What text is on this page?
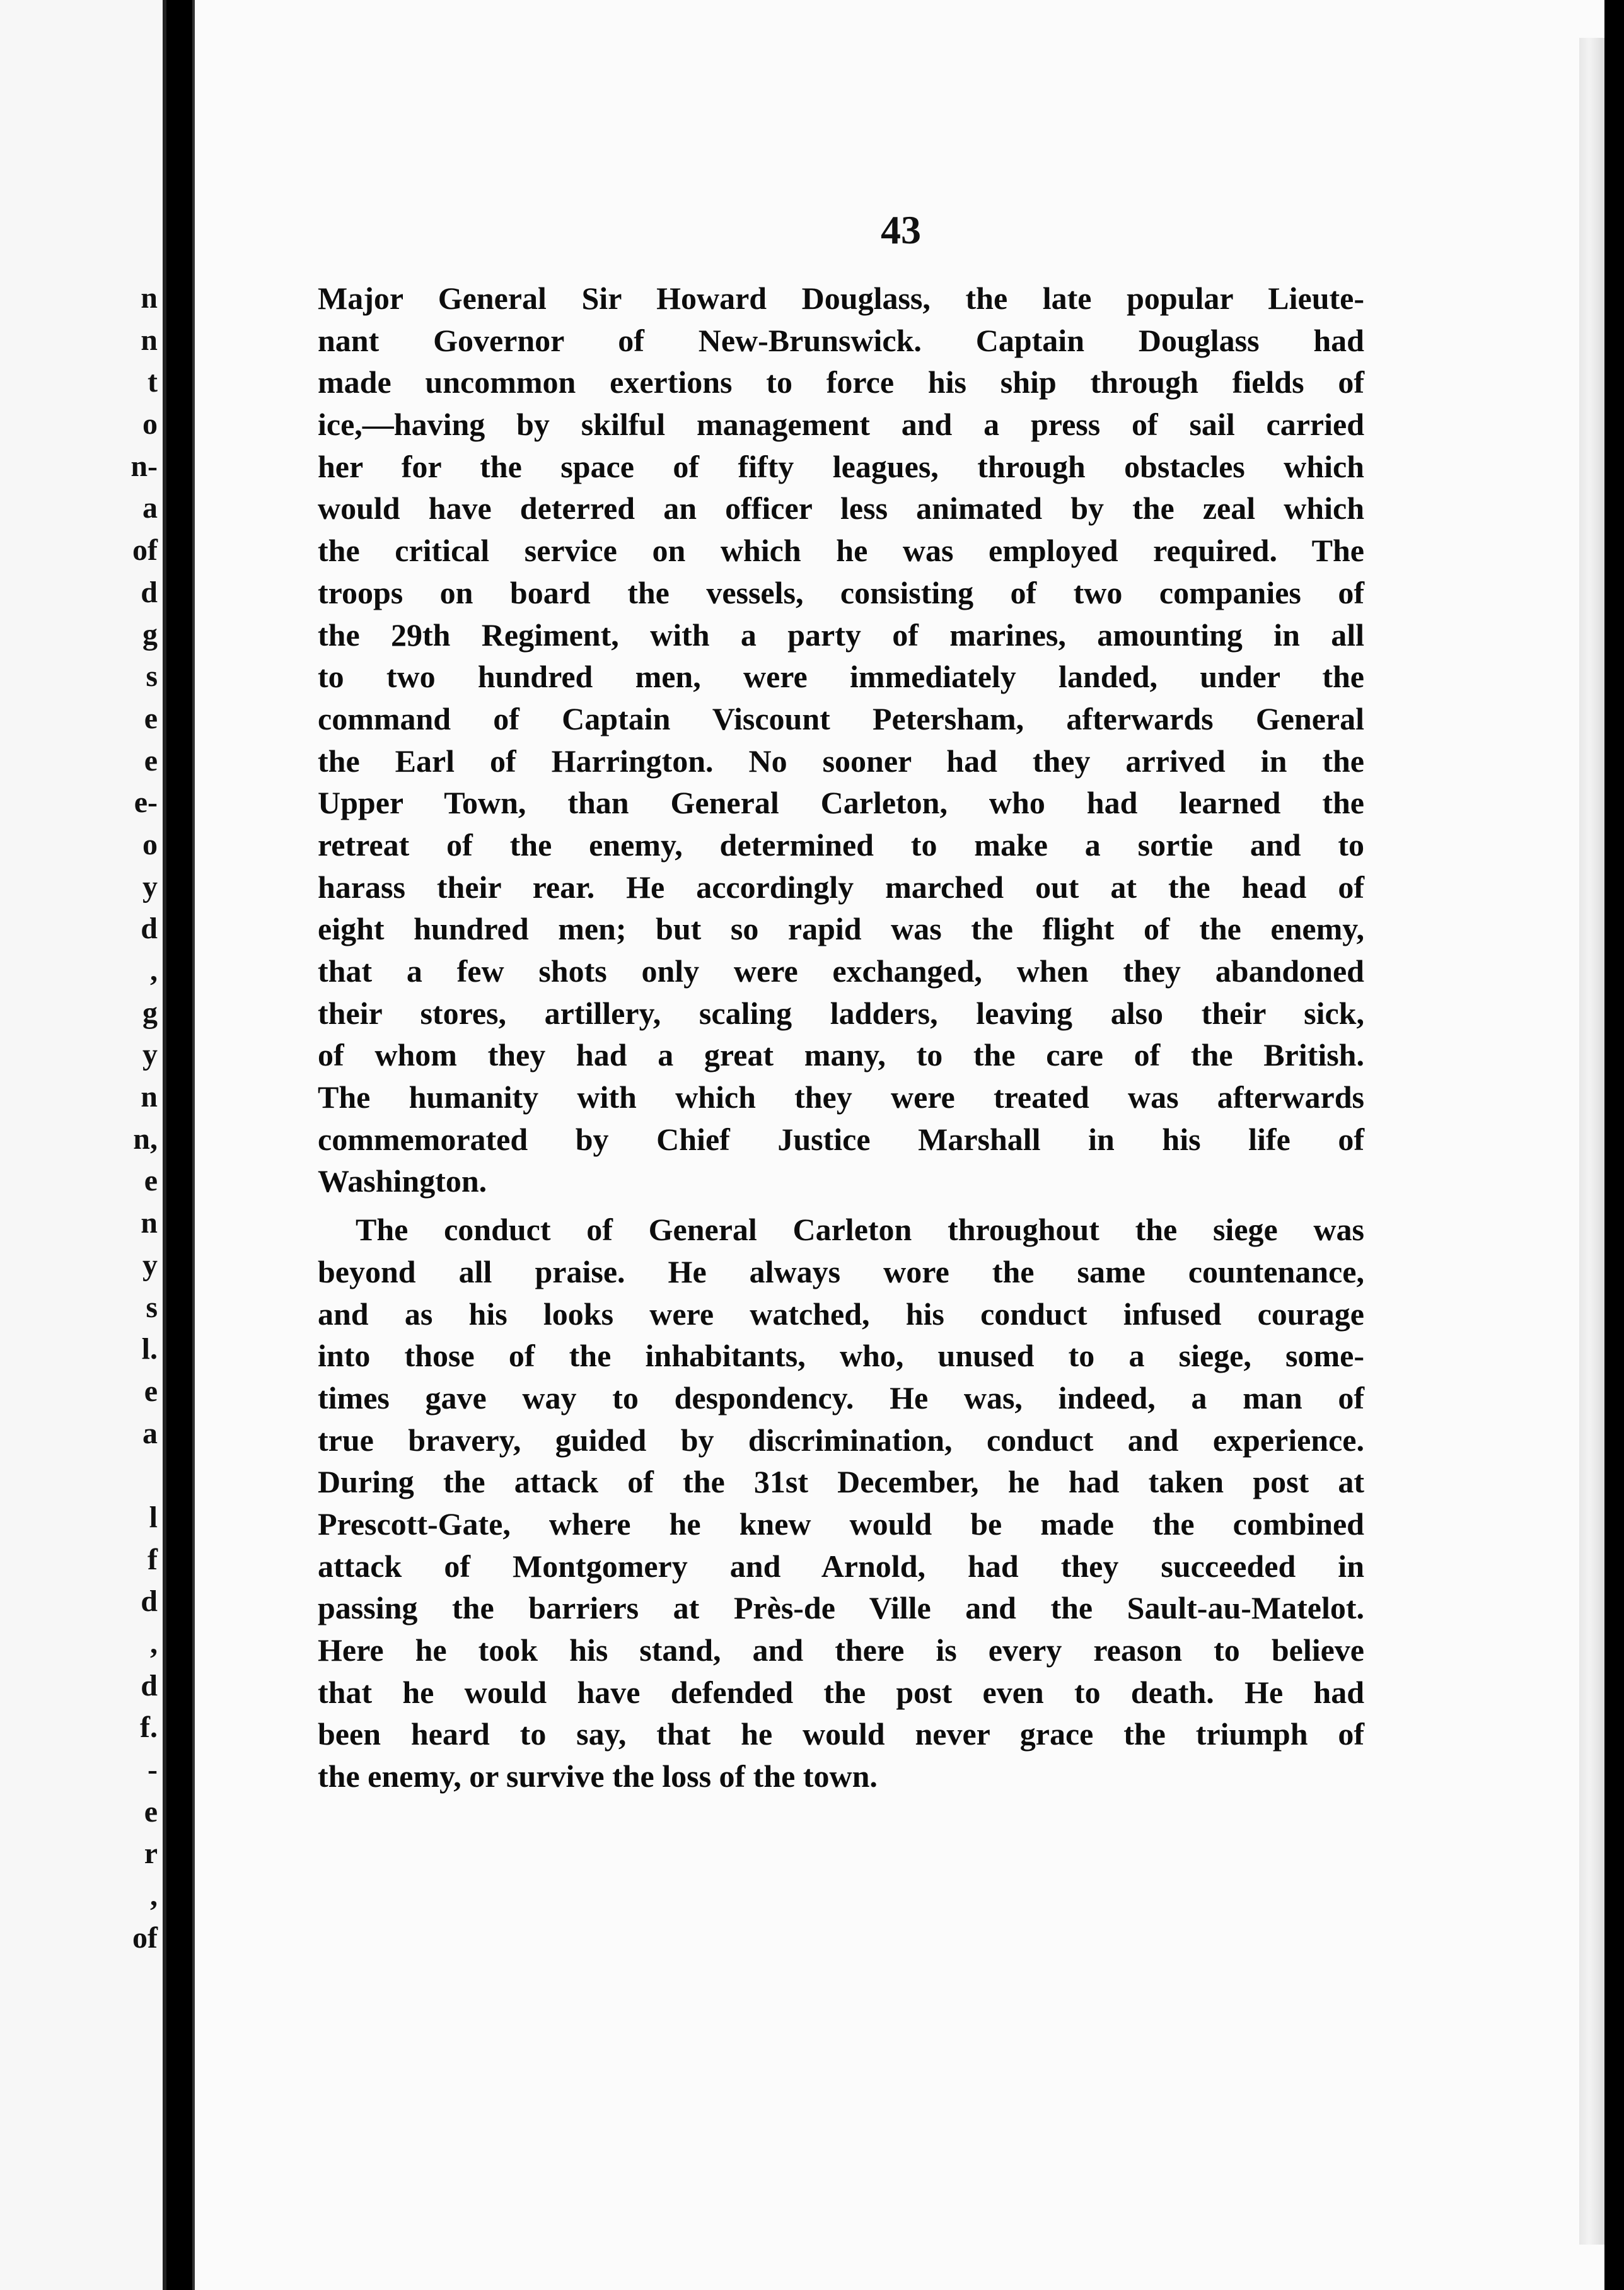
n
n
t
o
n-
a
of
d
g
s
e
e
e-
o
y
d
,
g
y
n
n,
e
n
y
s
l.
e
a
l
f
d
,
d
f.
-
e
r
,
of
43
Major General Sir Howard Douglass, the late popular Lieute-
nant Governor of New-Brunswick. Captain Douglass had
made uncommon exertions to force his ship through fields of
ice,—having by skilful management and a press of sail carried
her for the space of fifty leagues, through obstacles which
would have deterred an officer less animated by the zeal which
the critical service on which he was employed required. The
troops on board the vessels, consisting of two companies of
the 29th Regiment, with a party of marines, amounting in all
to two hundred men, were immediately landed, under the
command of Captain Viscount Petersham, afterwards General
the Earl of Harrington. No sooner had they arrived in the
Upper Town, than General Carleton, who had learned the
retreat of the enemy, determined to make a sortie and to
harass their rear. He accordingly marched out at the head of
eight hundred men; but so rapid was the flight of the enemy,
that a few shots only were exchanged, when they abandoned
their stores, artillery, scaling ladders, leaving also their sick,
of whom they had a great many, to the care of the British.
The humanity with which they were treated was afterwards
commemorated by Chief Justice Marshall in his life of
Washington.
The conduct of General Carleton throughout the siege was
beyond all praise. He always wore the same countenance,
and as his looks were watched, his conduct infused courage
into those of the inhabitants, who, unused to a siege, some-
times gave way to despondency. He was, indeed, a man of
true bravery, guided by discrimination, conduct and experience.
During the attack of the 31st December, he had taken post at
Prescott-Gate, where he knew would be made the combined
attack of Montgomery and Arnold, had they succeeded in
passing the barriers at Près-de Ville and the Sault-au-Matelot.
Here he took his stand, and there is every reason to believe
that he would have defended the post even to death. He had
been heard to say, that he would never grace the triumph of
the enemy, or survive the loss of the town.
